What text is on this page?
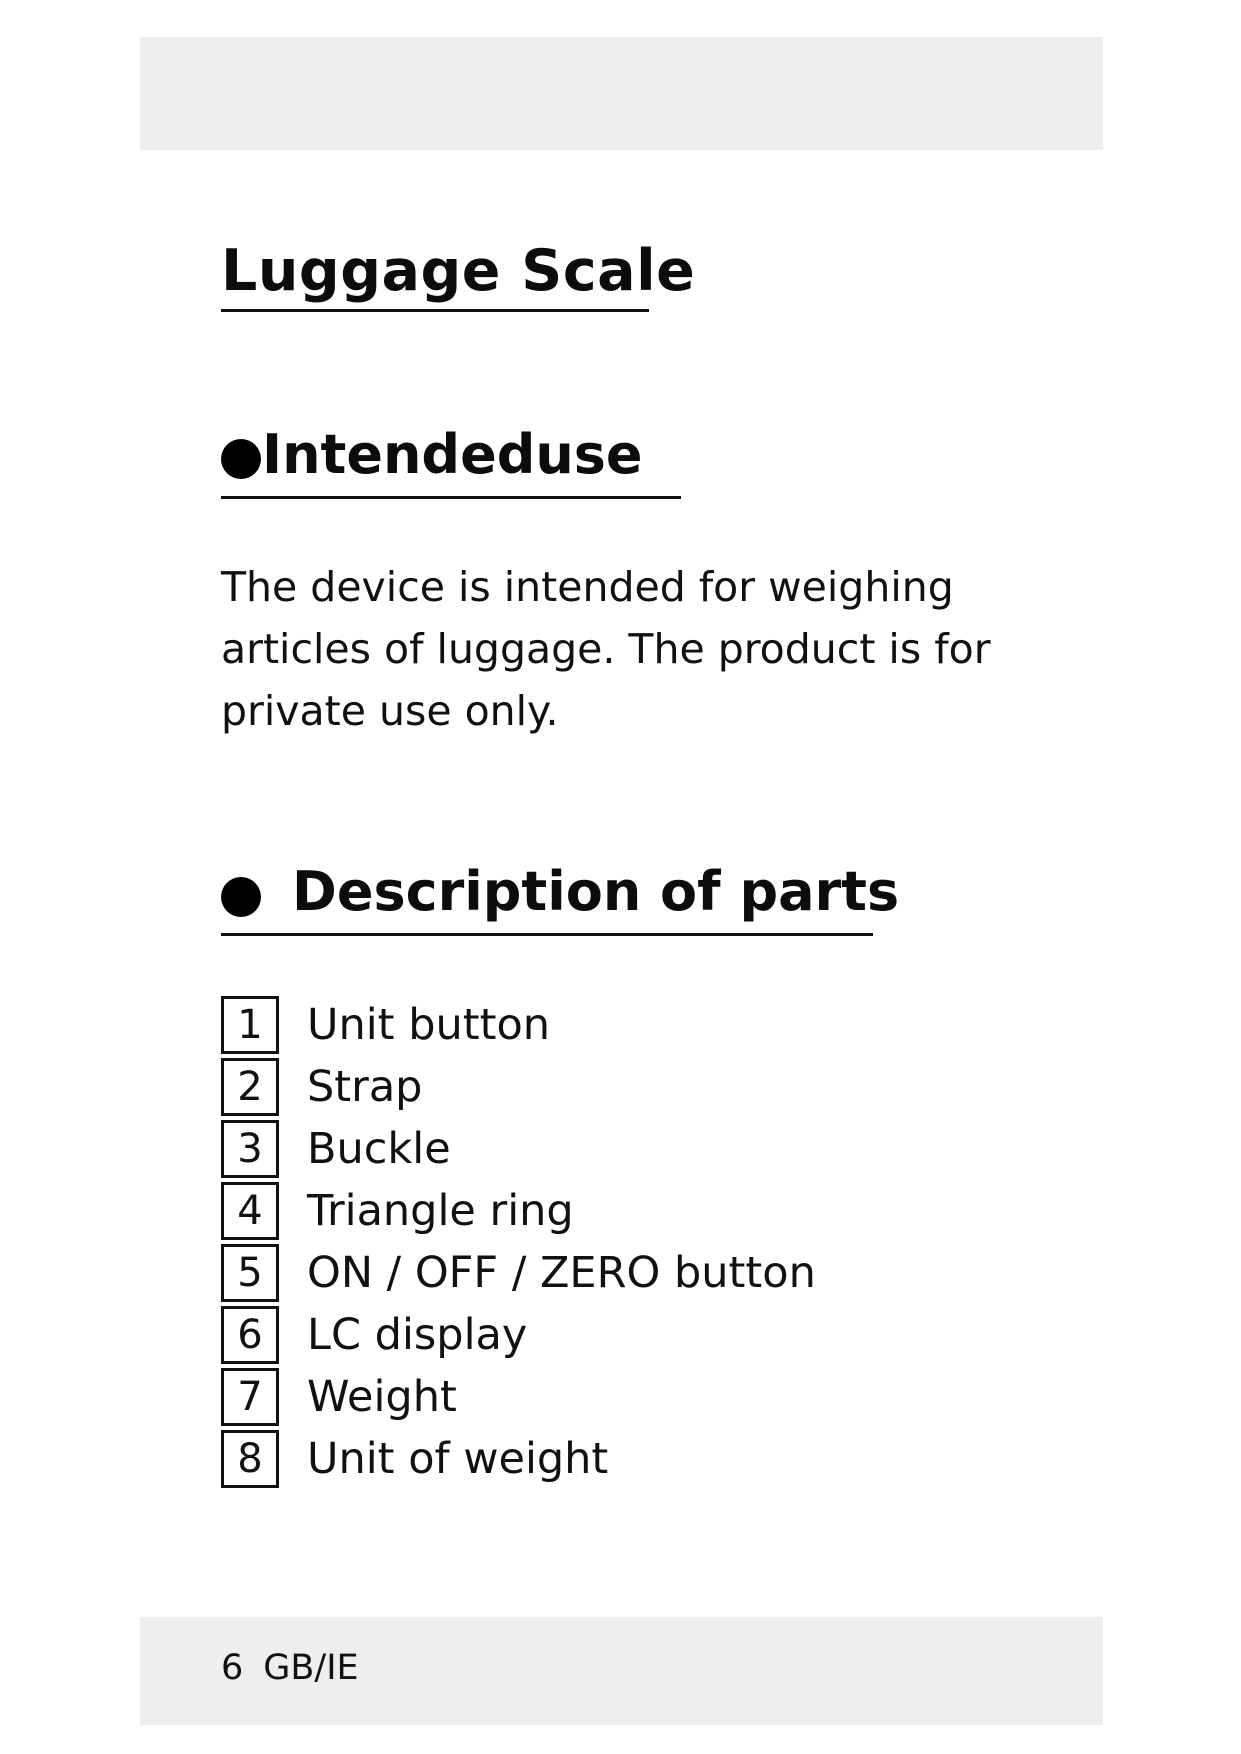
Luggage Scale
Intendeduse

The device is intended for weighing articles of luggage. The product is for private use only.

Description of parts
1	Unit button
2	Strap
3	Buckle
4	Triangle ring
5	ON / OFF / ZERO button
6	LC display
7	Weight
8	Unit of weight

6 GB/IE
